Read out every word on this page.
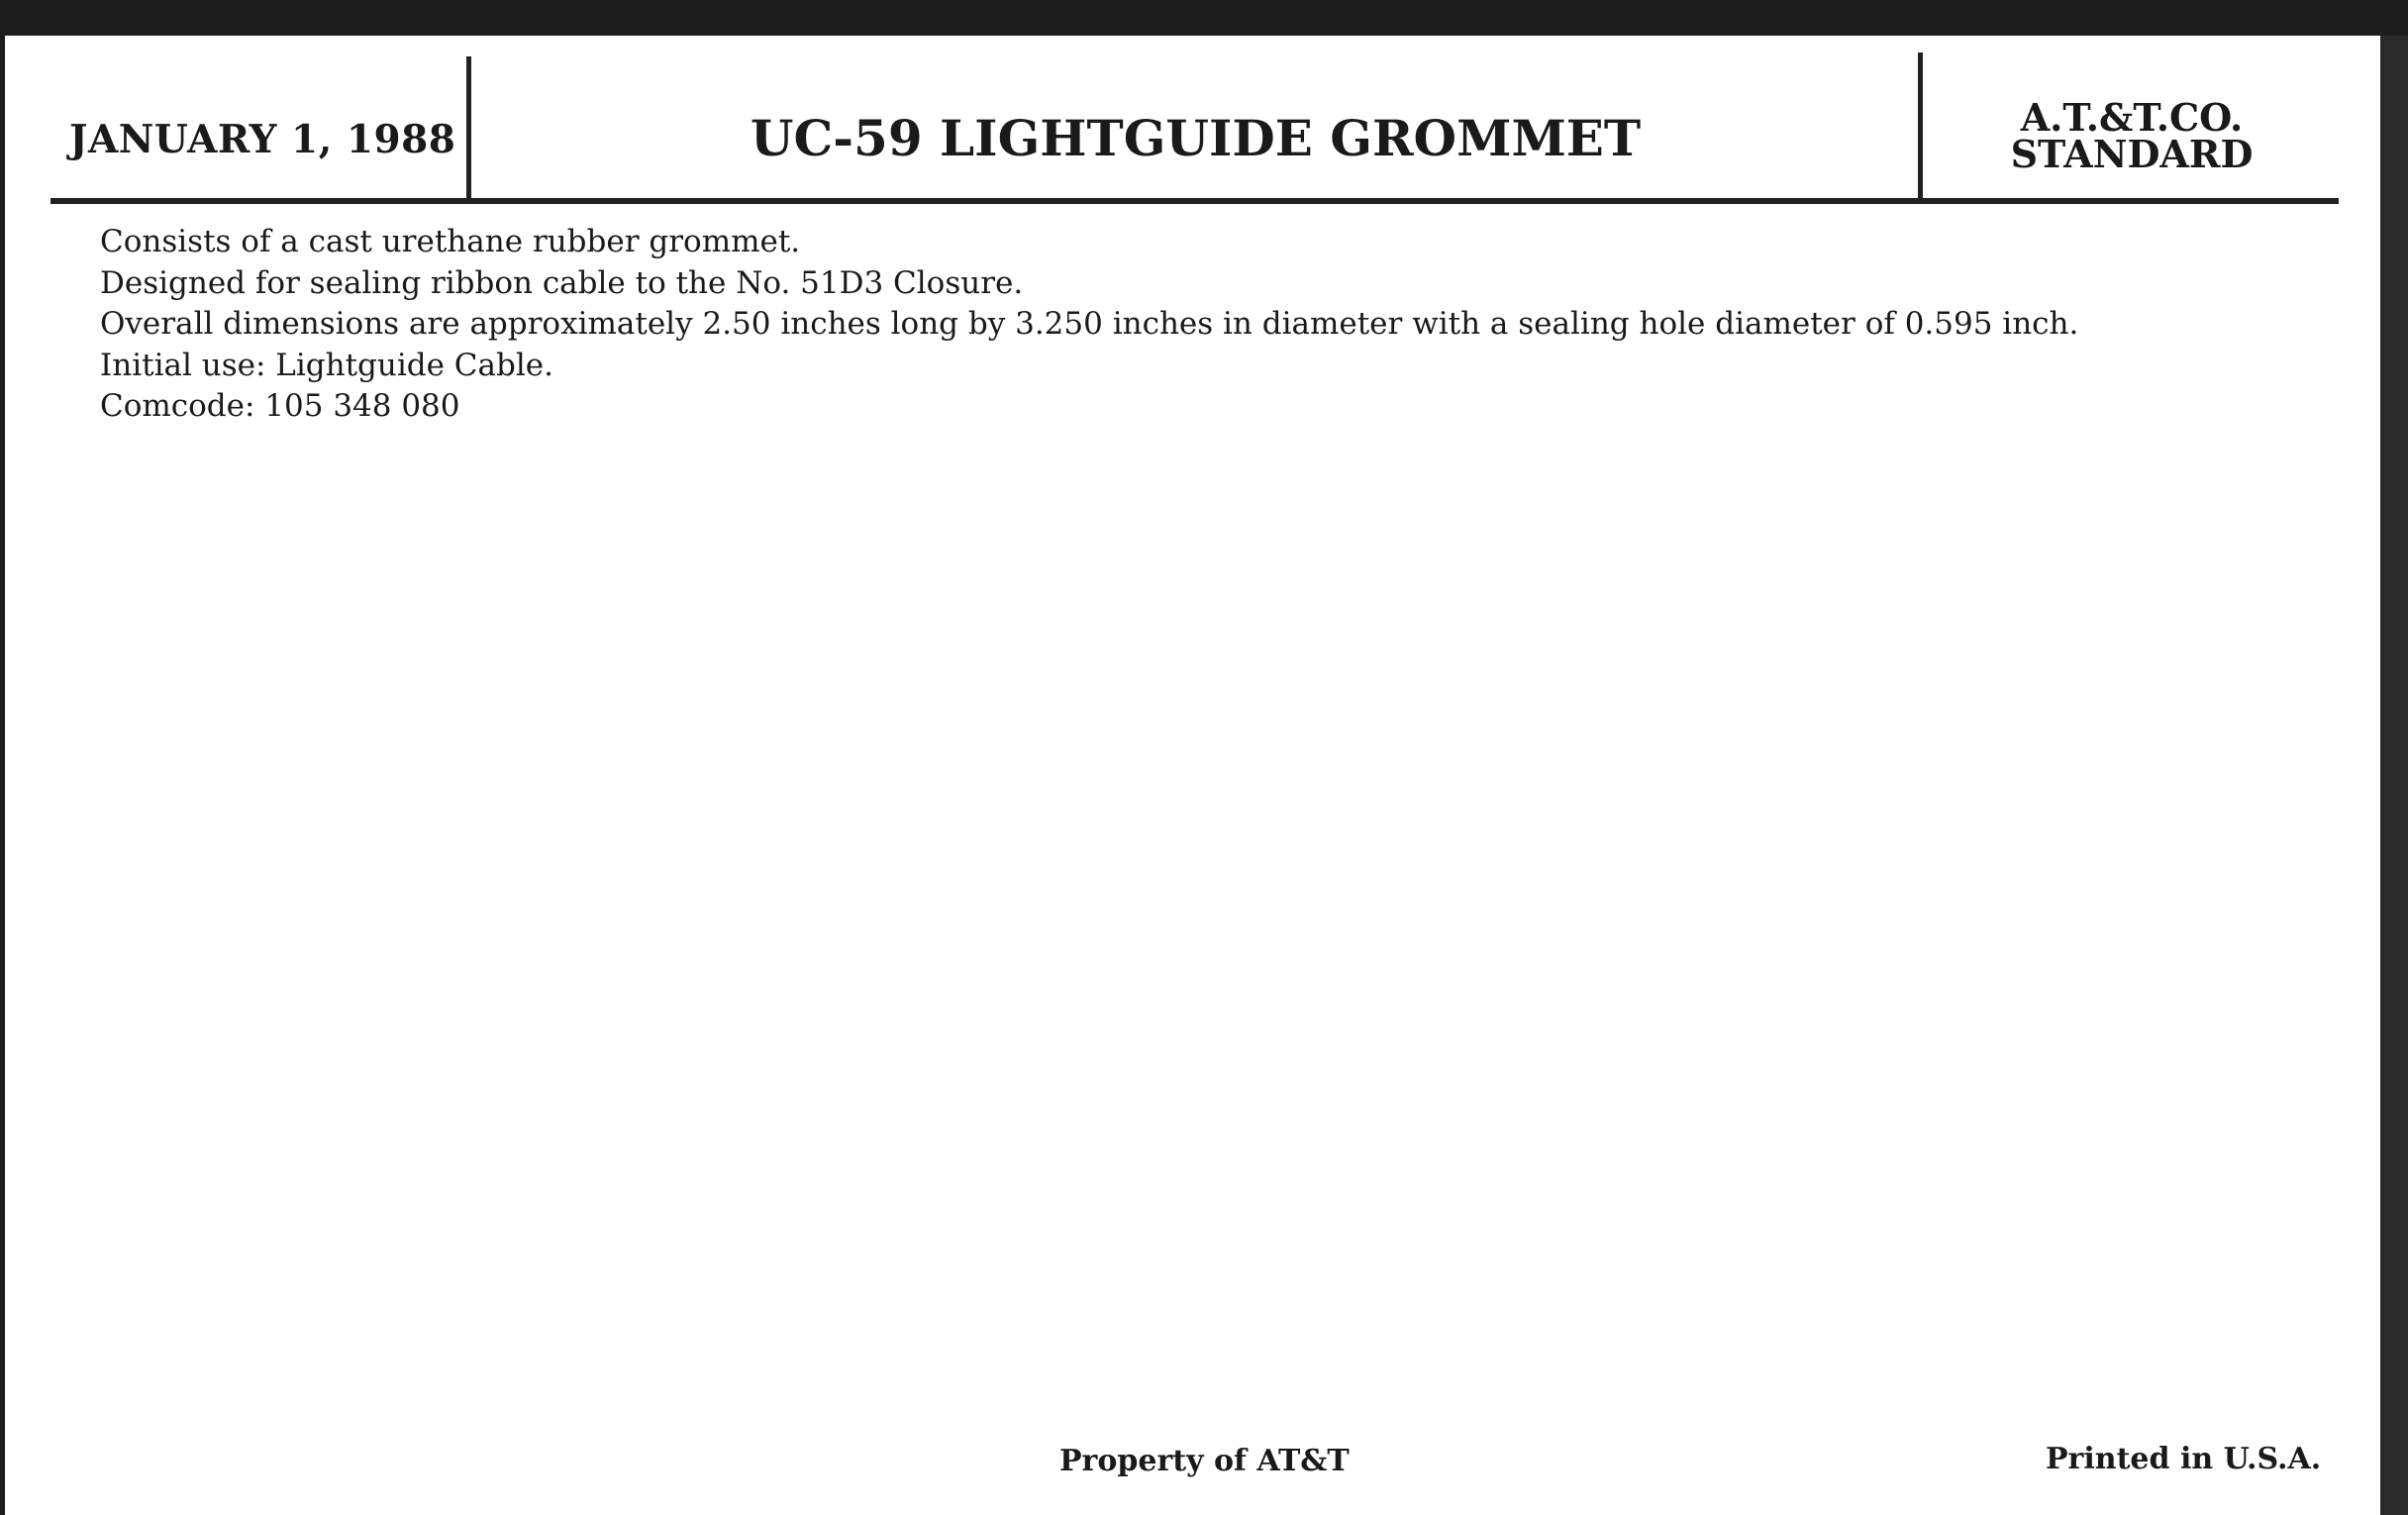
JANUARY 1, 1988	UC-59 LIGHTGUIDE GROMMET	A.T.&T.CO.
STANDARD
Consists of a cast urethane rubber grommet.
Designed for sealing ribbon cable to the No. 51D3 Closure.
Overall dimensions are approximately 2.50 inches long by 3.250 inches in diameter with a sealing hole diameter of 0.595 inch.
Initial use: Lightguide Cable.
Comcode: 105 348 080
Property of AT&T	Printed in U.S.A.
